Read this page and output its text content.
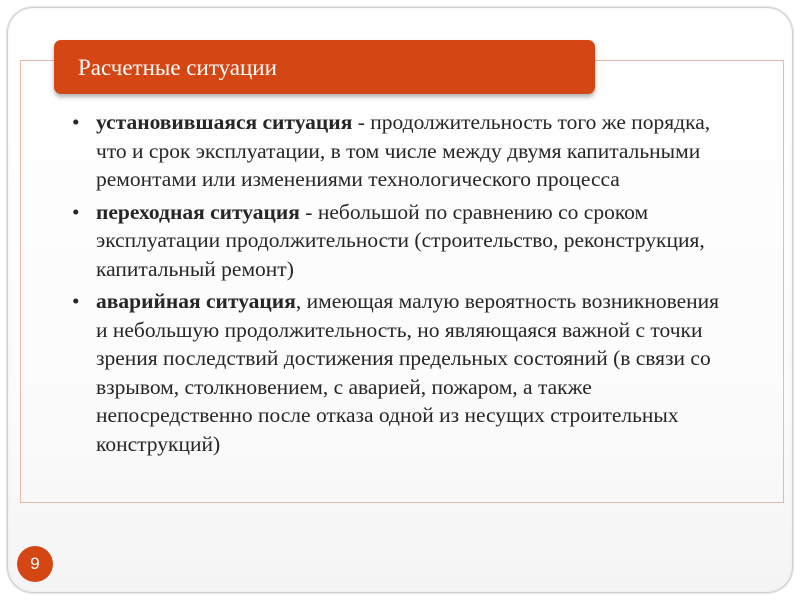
Расчетные ситуации
• установившаяся ситуация - продолжительность того же порядка, что и срок эксплуатации, в том числе между двумя капитальными ремонтами или изменениями технологического процесса
• переходная ситуация - небольшой по сравнению со сроком эксплуатации продолжительности (строительство, реконструкция, капитальный ремонт)
• аварийная ситуация, имеющая малую вероятность возникновения и небольшую продолжительность, но являющаяся важной с точки зрения последствий достижения предельных состояний (в связи со взрывом, столкновением, с аварией, пожаром, а также непосредственно после отказа одной из несущих строительных конструкций)
9
